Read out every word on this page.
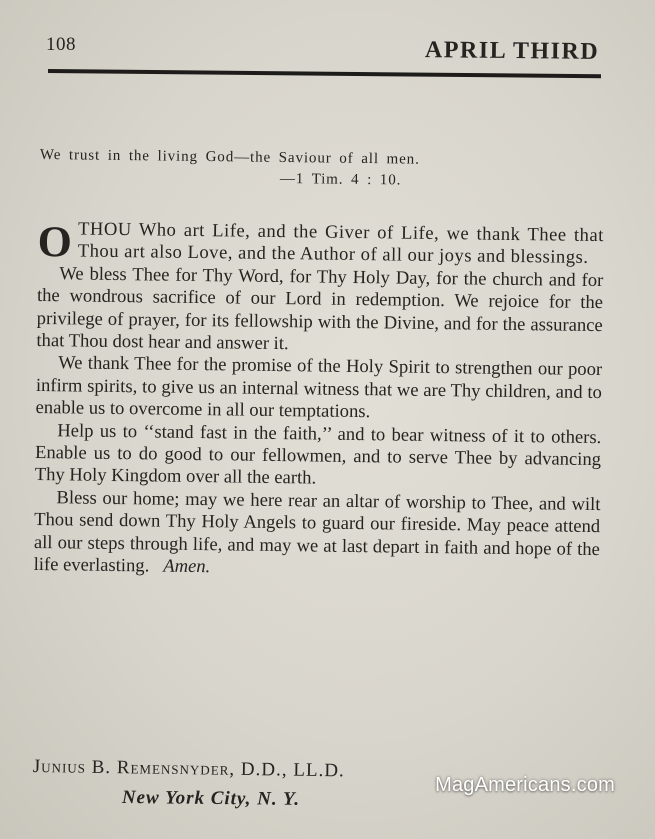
108	APRIL THIRD
We trust in the living God—the Saviour of all men.
—1 Tim. 4 : 10.

OTHOU Who art Life, and the Giver of Life, we thank Thee that Thou art also Love, and the Author of all our joys and blessings.

We bless Thee for Thy Word, for Thy Holy Day, for the church and for the wondrous sacrifice of our Lord in redemption. We rejoice for the privilege of prayer, for its fellowship with the Divine, and for the assurance that Thou dost hear and answer it.

We thank Thee for the promise of the Holy Spirit to strengthen our poor infirm spirits, to give us an internal witness that we are Thy children, and to enable us to overcome in all our temptations.

Help us to ‘‘stand fast in the faith,’’ and to bear witness of it to others. Enable us to do good to our fellowmen, and to serve Thee by advancing Thy Holy Kingdom over all the earth.

Bless our home; may we here rear an altar of worship to Thee, and wilt Thou send down Thy Holy Angels to guard our fireside. May peace attend all our steps through life, and may we at last depart in faith and hope of the life everlasting. Amen.

Junius B. Remensnyder, D.D., LL.D.
New York City, N. Y.
MagAmericans.com
